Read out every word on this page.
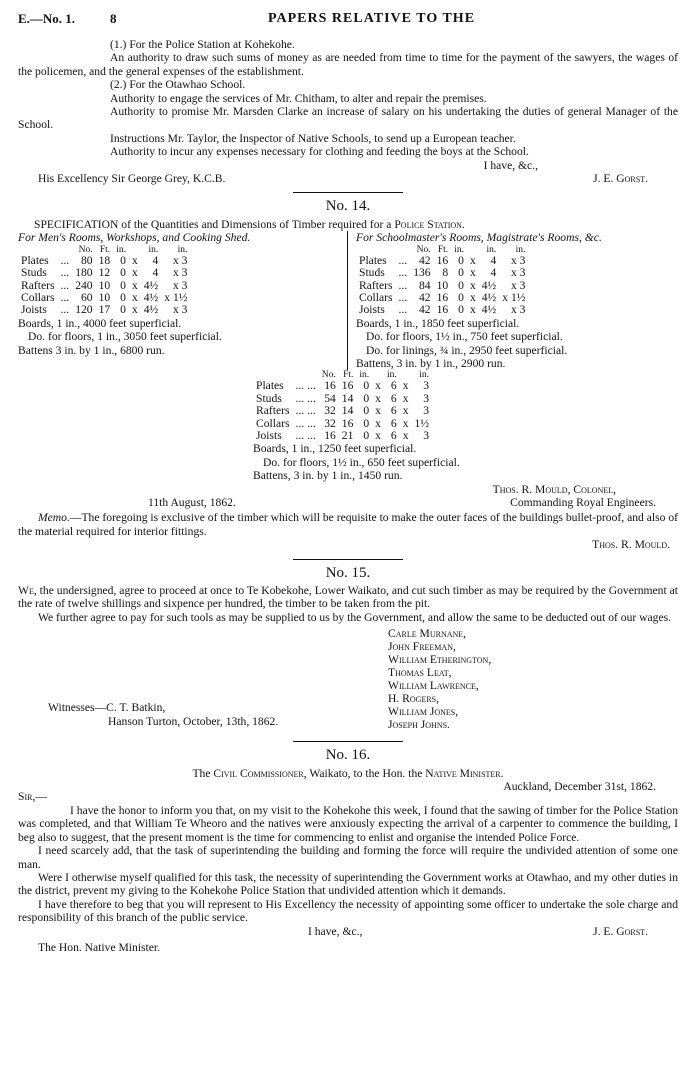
E.—No. 1.	8	PAPERS RELATIVE TO THE

(1.) For the Police Station at Kohekohe.

An authority to draw such sums of money as are needed from time to time for the payment of the sawyers, the wages of the policemen, and the general expenses of the establishment.

(2.) For the Otawhao School.

Authority to engage the services of Mr. Chitham, to alter and repair the premises.

Authority to promise Mr. Marsden Clarke an increase of salary on his undertaking the duties of general Manager of the School.

Instructions Mr. Taylor, the Inspector of Native Schools, to send up a European teacher.

Authority to incur any expenses necessary for clothing and feeding the boys at the School.

I have, &c.,

His Excellency Sir George Grey, K.C.B.	J. E. Gorst.
No. 14.

SPECIFICATION of the Quantities and Dimensions of Timber required for a Police Station.

For Men's Rooms, Workshops, and Cooking Shed.
		No.	Ft.	in.		in.	in.
Plates	...	80	18	0	x	4	x 3
Studs	...	180	12	0	x	4	x 3
Rafters	...	240	10	0	x	4½	x 3
Collars	...	60	10	0	x	4½	x 1½
Joists	...	120	17	0	x	4½	x 3
Boards, 1 in., 4000 feet superficial.
Do. for floors, 1 in., 3050 feet superficial.
Battens 3 in. by 1 in., 6800 run.
For Schoolmaster's Rooms, Magistrate's Rooms, &c.
		No.	Ft.	in.		in.	in.
Plates	...	42	16	0	x	4	x 3
Studs	...	136	8	0	x	4	x 3
Rafters	...	84	10	0	x	4½	x 3
Collars	...	42	16	0	x	4½	x 1½
Joists	...	42	16	0	x	4½	x 3
Boards, 1 in., 1850 feet superficial.
Do. for floors, 1½ in., 750 feet superficial.
Do. for linings, ¾ in., 2950 feet superficial.
Battens, 3 in. by 1 in., 2900 run.
		No.	Ft.	in.		in.		in.
Plates	... ...	16	16	0	x	6	x	3
Studs	... ...	54	14	0	x	6	x	3
Rafters	... ...	32	14	0	x	6	x	3
Collars	... ...	32	16	0	x	6	x	1½
Joists	... ...	16	21	0	x	6	x	3
Boards, 1 in., 1250 feet superficial.
Do. for floors, 1½ in., 650 feet superficial.
Battens, 3 in. by 1 in., 1450 run.

Thos. R. Mould, Colonel,

11th August, 1862.	Commanding Royal Engineers.

Memo.—The foregoing is exclusive of the timber which will be requisite to make the outer faces of the buildings bullet-proof, and also of the material required for interior fittings.

Thos. R. Mould.

No. 15.

We, the undersigned, agree to proceed at once to Te Kobekohe, Lower Waikato, and cut such timber as may be required by the Government at the rate of twelve shillings and sixpence per hundred, the timber to be taken from the pit.

We further agree to pay for such tools as may be supplied to us by the Government, and allow the same to be deducted out of our wages.

Carle Murnane,
John Freeman,
William Etherington,
Thomas Leat,
William Lawrence,
H. Rogers,
William Jones,
Joseph Johns.
Witnesses—C. T. Batkin,
Hanson Turton, October, 13th, 1862.
No. 16.

The Civil Commissioner, Waikato, to the Hon. the Native Minister.

Auckland, December 31st, 1862.

Sir,—

I have the honor to inform you that, on my visit to the Kohekohe this week, I found that the sawing of timber for the Police Station was completed, and that William Te Wheoro and the natives were anxiously expecting the arrival of a carpenter to commence the building, I beg also to suggest, that the present moment is the time for commencing to enlist and organise the intended Police Force.

I need scarcely add, that the task of superintending the building and forming the force will require the undivided attention of some one man.

Were I otherwise myself qualified for this task, the necessity of superintending the Government works at Otawhao, and my other duties in the district, prevent my giving to the Kohekohe Police Station that undivided attention which it demands.

I have therefore to beg that you will represent to His Excellency the necessity of appointing some officer to undertake the sole charge and responsibility of this branch of the public service.

I have, &c.,	J. E. Gorst.

The Hon. Native Minister.
